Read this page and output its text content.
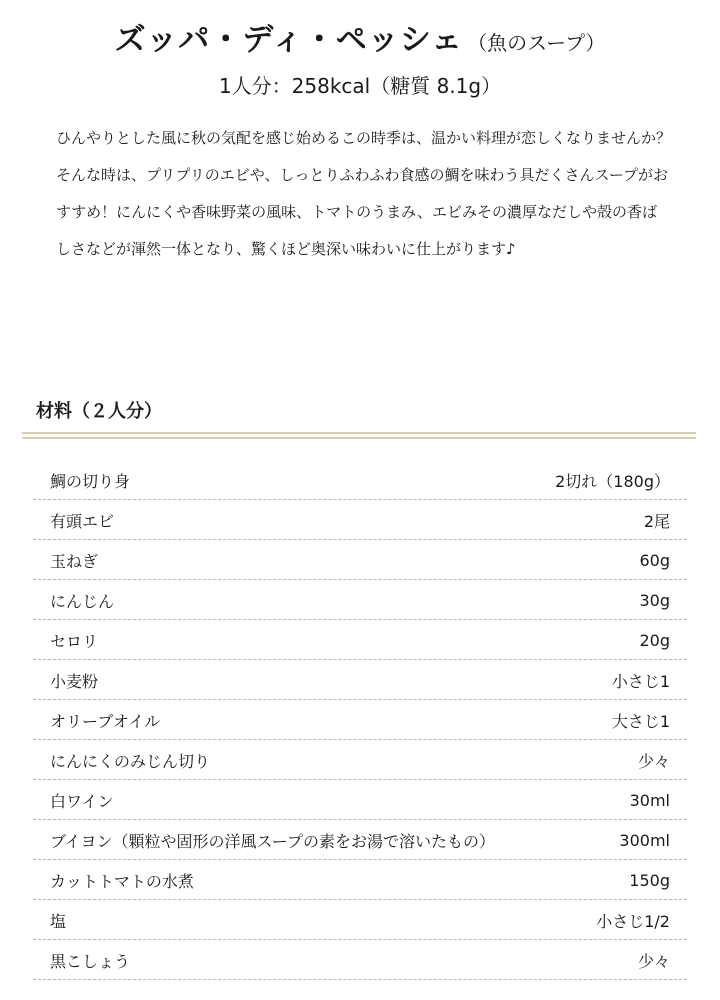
ズッパ・ディ・ペッシェ （魚のスープ）
1人分：258kcal（糖質 8.1g）

ひんやりとした風に秋の気配を感じ始めるこの時季は、温かい料理が恋しくなりませんか？そんな時は、プリプリのエビや、しっとりふわふわ食感の鯛を味わう具だくさんスープがおすすめ！にんにくや香味野菜の風味、トマトのうまみ、エビみその濃厚なだしや殻の香ばしさなどが渾然一体となり、驚くほど奥深い味わいに仕上がります♪

材料（２人分）
鯛の切り身	2切れ（180g）
有頭エビ	2尾
玉ねぎ	60g
にんじん	30g
セロリ	20g
小麦粉	小さじ1
オリーブオイル	大さじ1
にんにくのみじん切り	少々
白ワイン	30ml
ブイヨン（顆粒や固形の洋風スープの素をお湯で溶いたもの）	300ml
カットトマトの水煮	150g
塩	小さじ1/2
黒こしょう	少々
